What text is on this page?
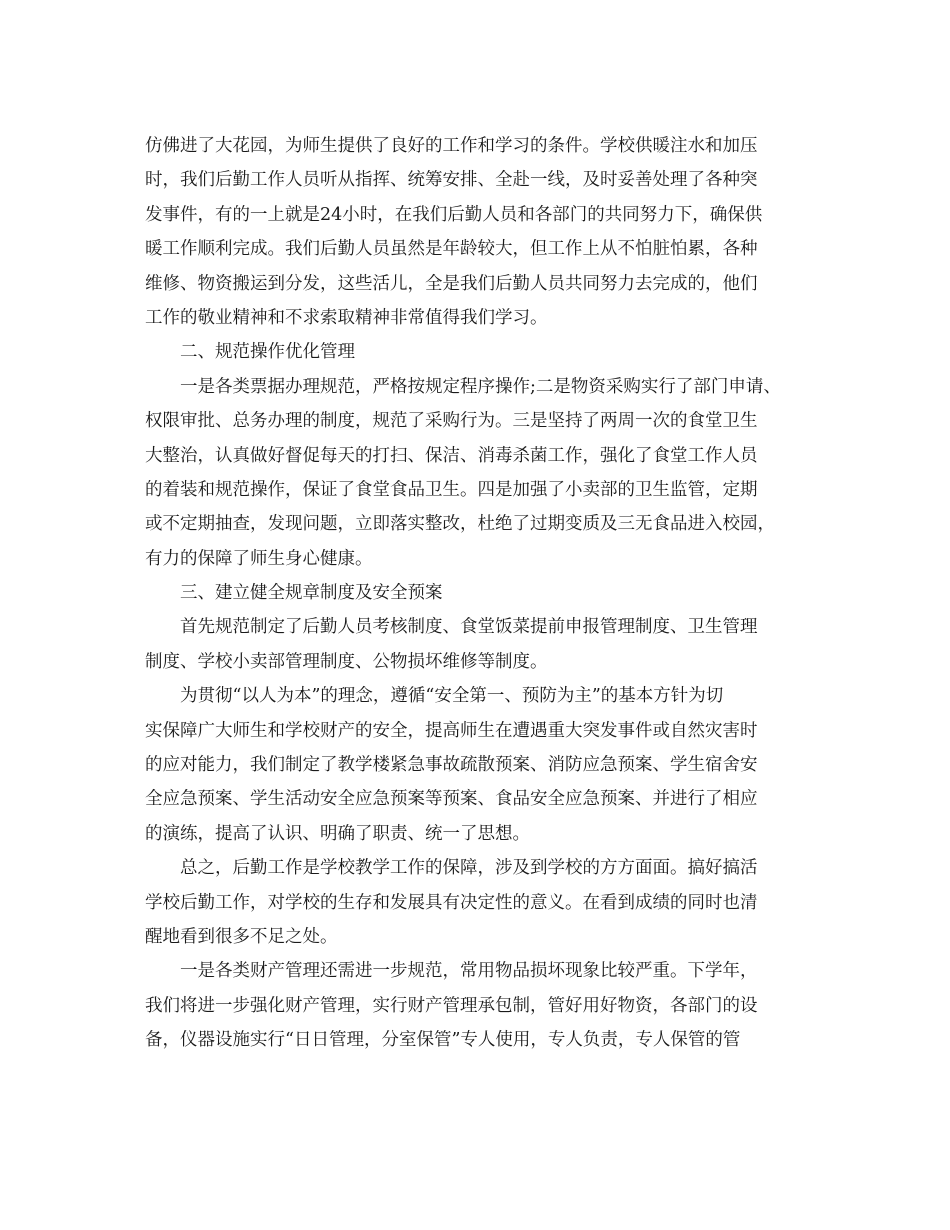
仿佛进了大花园，为师生提供了良好的工作和学习的条件。学校供暖注水和加压
时，我们后勤工作人员听从指挥、统筹安排、全赴一线，及时妥善处理了各种突
发事件，有的一上就是24小时，在我们后勤人员和各部门的共同努力下，确保供
暖工作顺利完成。我们后勤人员虽然是年龄较大，但工作上从不怕脏怕累，各种
维修、物资搬运到分发，这些活儿，全是我们后勤人员共同努力去完成的，他们
工作的敬业精神和不求索取精神非常值得我们学习。
二、规范操作优化管理
一是各类票据办理规范，严格按规定程序操作;二是物资采购实行了部门申请、
权限审批、总务办理的制度，规范了采购行为。三是坚持了两周一次的食堂卫生
大整治，认真做好督促每天的打扫、保洁、消毒杀菌工作，强化了食堂工作人员
的着装和规范操作，保证了食堂食品卫生。四是加强了小卖部的卫生监管，定期
或不定期抽查，发现问题，立即落实整改，杜绝了过期变质及三无食品进入校园，
有力的保障了师生身心健康。
三、建立健全规章制度及安全预案
首先规范制定了后勤人员考核制度、食堂饭菜提前申报管理制度、卫生管理
制度、学校小卖部管理制度、公物损坏维修等制度。
为贯彻“以人为本”的理念，遵循“安全第一、预防为主”的基本方针为切
实保障广大师生和学校财产的安全，提高师生在遭遇重大突发事件或自然灾害时
的应对能力，我们制定了教学楼紧急事故疏散预案、消防应急预案、学生宿舍安
全应急预案、学生活动安全应急预案等预案、食品安全应急预案、并进行了相应
的演练，提高了认识、明确了职责、统一了思想。
总之，后勤工作是学校教学工作的保障，涉及到学校的方方面面。搞好搞活
学校后勤工作，对学校的生存和发展具有决定性的意义。在看到成绩的同时也清
醒地看到很多不足之处。
一是各类财产管理还需进一步规范，常用物品损坏现象比较严重。下学年，
我们将进一步强化财产管理，实行财产管理承包制，管好用好物资，各部门的设
备，仪器设施实行“日日管理，分室保管”专人使用，专人负责，专人保管的管
